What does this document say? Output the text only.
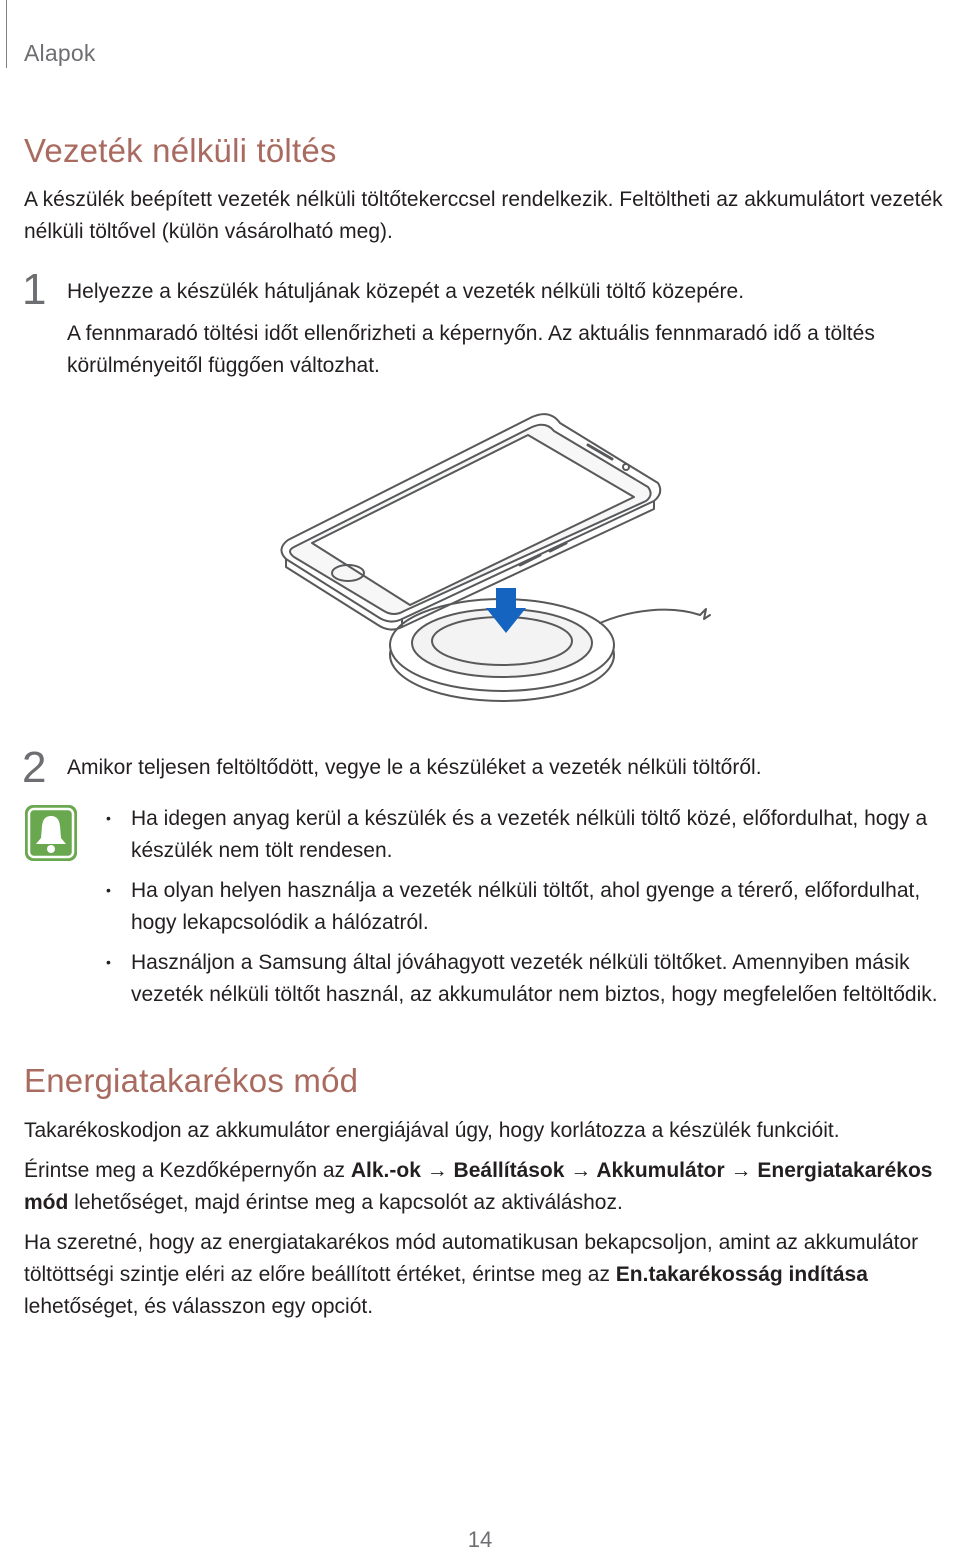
Alapok
Vezeték nélküli töltés

A készülék beépített vezeték nélküli töltőtekerccsel rendelkezik. Feltöltheti az akkumulátort vezeték

nélküli töltővel (külön vásárolható meg).

1 Helyezze a készülék hátuljának közepét a vezeték nélküli töltő közepére.

A fennmaradó töltési időt ellenőrizheti a képernyőn. Az aktuális fennmaradó idő a töltés

körülményeitől függően változhat.

2 Amikor teljesen feltöltődött, vegye le a készüléket a vezeték nélküli töltőről.

• Ha idegen anyag kerül a készülék és a vezeték nélküli töltő közé, előfordulhat, hogy a

készülék nem tölt rendesen.

• Ha olyan helyen használja a vezeték nélküli töltőt, ahol gyenge a térerő, előfordulhat,

hogy lekapcsolódik a hálózatról.

• Használjon a Samsung által jóváhagyott vezeték nélküli töltőket. Amennyiben másik

vezeték nélküli töltőt használ, az akkumulátor nem biztos, hogy megfelelően feltöltődik.

Energiatakarékos mód

Takarékoskodjon az akkumulátor energiájával úgy, hogy korlátozza a készülék funkcióit.

Érintse meg a Kezdőképernyőn az Alk.-ok → Beállítások → Akkumulátor → Energiatakarékos

mód lehetőséget, majd érintse meg a kapcsolót az aktiváláshoz.

Ha szeretné, hogy az energiatakarékos mód automatikusan bekapcsoljon, amint az akkumulátor

töltöttségi szintje eléri az előre beállított értéket, érintse meg az En.takarékosság indítása

lehetőséget, és válasszon egy opciót.

14
